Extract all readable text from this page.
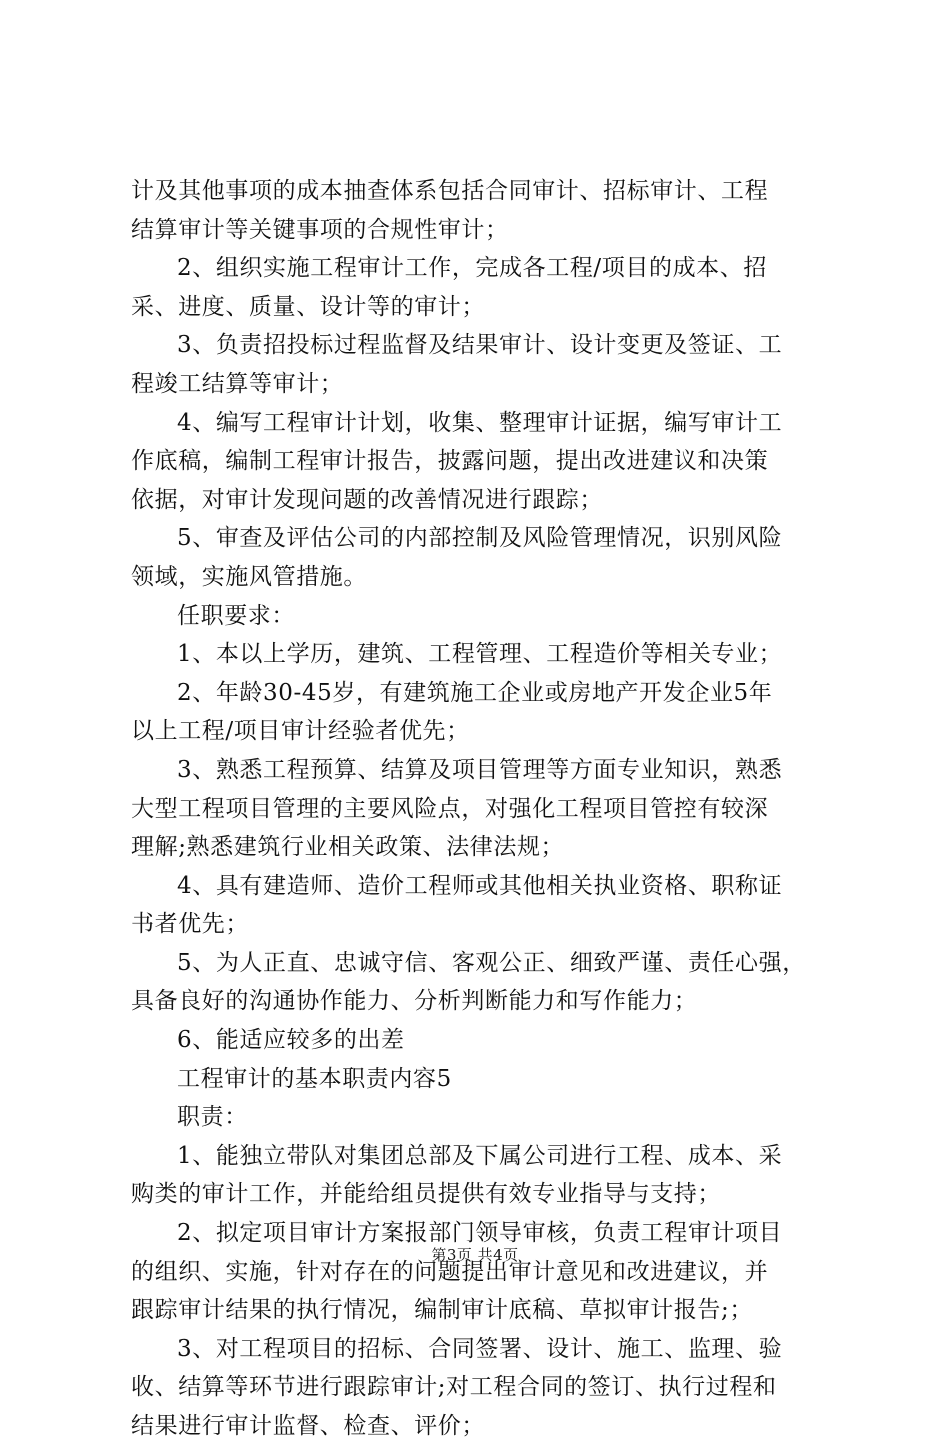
计及其他事项的成本抽查体系包括合同审计、招标审计、工程
结算审计等关键事项的合规性审计；
2、组织实施工程审计工作，完成各工程/项目的成本、招
采、进度、质量、设计等的审计；
3、负责招投标过程监督及结果审计、设计变更及签证、工
程竣工结算等审计；
4、编写工程审计计划，收集、整理审计证据，编写审计工
作底稿，编制工程审计报告，披露问题，提出改进建议和决策
依据，对审计发现问题的改善情况进行跟踪；
5、审查及评估公司的内部控制及风险管理情况，识别风险
领域，实施风管措施。
任职要求：
1、本以上学历，建筑、工程管理、工程造价等相关专业；
2、年龄30-45岁，有建筑施工企业或房地产开发企业5年
以上工程/项目审计经验者优先；
3、熟悉工程预算、结算及项目管理等方面专业知识，熟悉
大型工程项目管理的主要风险点，对强化工程项目管控有较深
理解;熟悉建筑行业相关政策、法律法规；
4、具有建造师、造价工程师或其他相关执业资格、职称证
书者优先；
5、为人正直、忠诚守信、客观公正、细致严谨、责任心强，
具备良好的沟通协作能力、分析判断能力和写作能力；
6、能适应较多的出差
工程审计的基本职责内容5
职责：
1、能独立带队对集团总部及下属公司进行工程、成本、采
购类的审计工作，并能给组员提供有效专业指导与支持；
2、拟定项目审计方案报部门领导审核，负责工程审计项目
的组织、实施，针对存在的问题提出审计意见和改进建议，并
跟踪审计结果的执行情况，编制审计底稿、草拟审计报告;；
3、对工程项目的招标、合同签署、设计、施工、监理、验
收、结算等环节进行跟踪审计;对工程合同的签订、执行过程和
结果进行审计监督、检查、评价；
第3页 共4页
